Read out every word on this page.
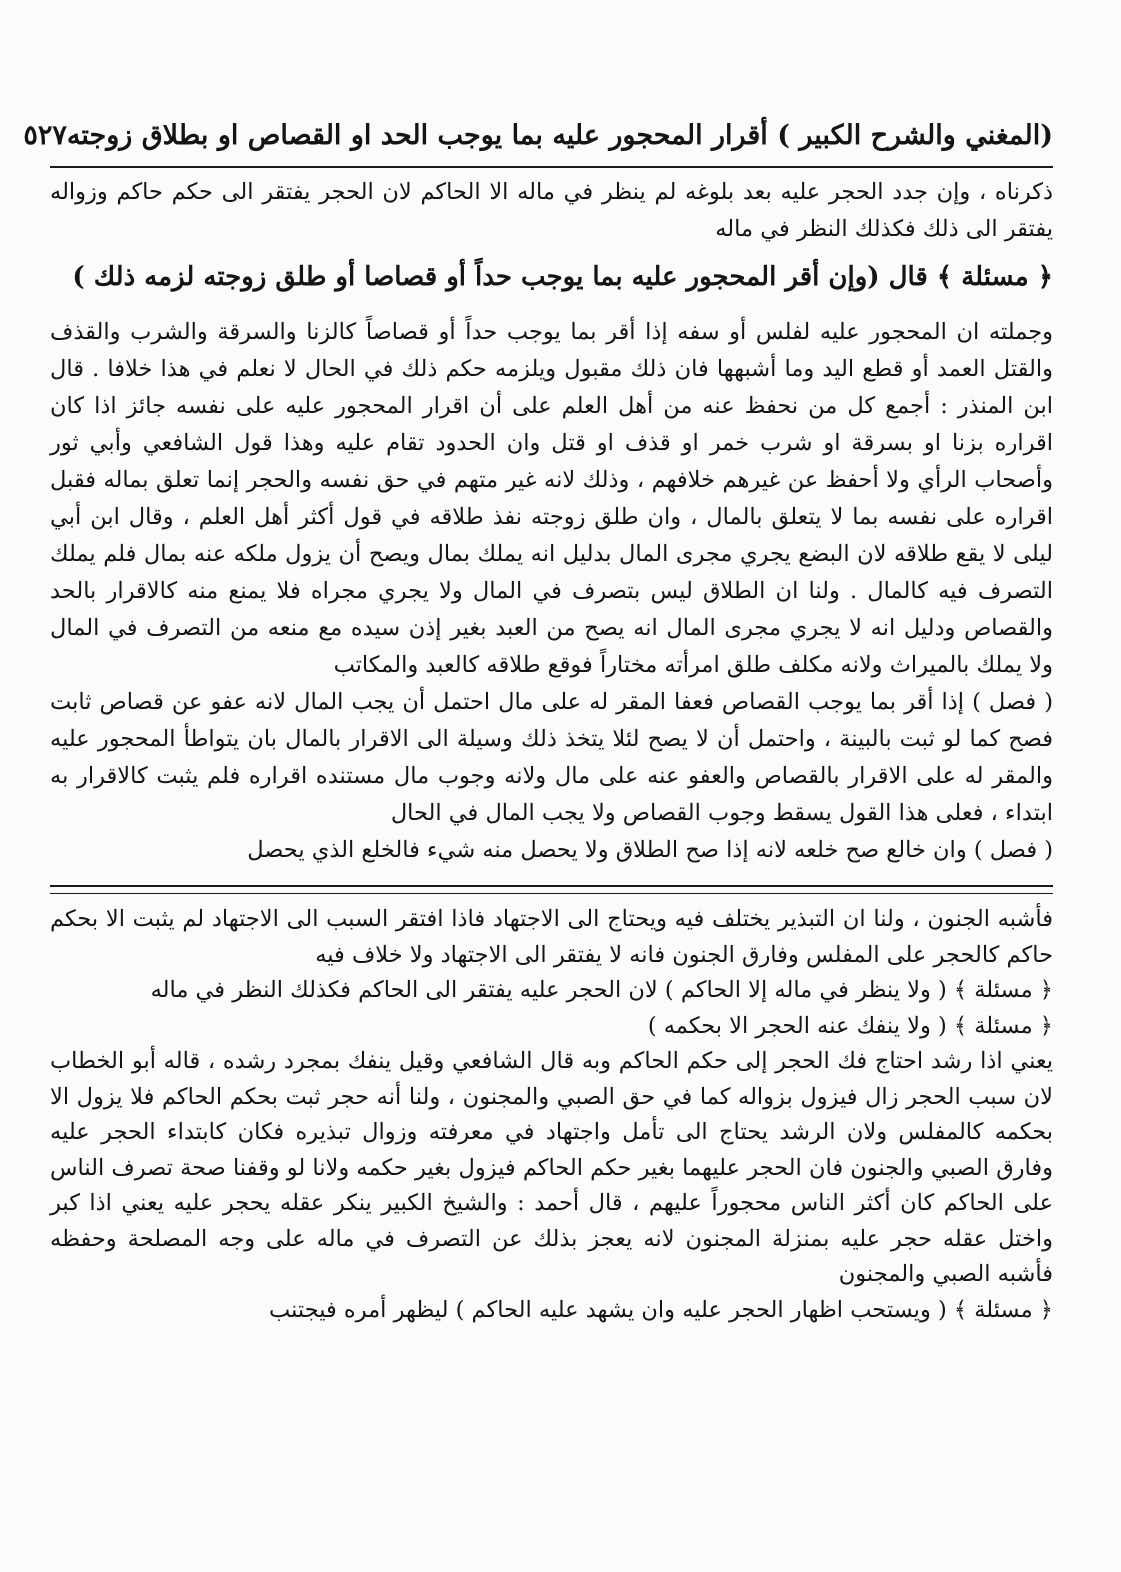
(المغني والشرح الكبير ) أقرار المحجور عليه بما يوجب الحد او القصاص او بطلاق زوجته
٥٢٧

ذكرناه ، وإن جدد الحجر عليه بعد بلوغه لم ينظر في ماله الا الحاكم لان الحجر يفتقر الى حكم حاكم وزواله يفتقر الى ذلك فكذلك النظر في ماله

﴿ مسئلة ﴾ قال (وإن أقر المحجور عليه بما يوجب حداً أو قصاصا أو طلق زوجته لزمه ذلك )

وجملته ان المحجور عليه لفلس أو سفه إذا أقر بما يوجب حداً أو قصاصاً كالزنا والسرقة والشرب والقذف والقتل العمد أو قطع اليد وما أشبهها فان ذلك مقبول ويلزمه حكم ذلك في الحال لا نعلم في هذا خلافا . قال ابن المنذر : أجمع كل من نحفظ عنه من أهل العلم على أن اقرار المحجور عليه على نفسه جائز اذا كان اقراره بزنا او بسرقة او شرب خمر او قذف او قتل وان الحدود تقام عليه وهذا قول الشافعي وأبي ثور وأصحاب الرأي ولا أحفظ عن غيرهم خلافهم ، وذلك لانه غير متهم في حق نفسه والحجر إنما تعلق بماله فقبل اقراره على نفسه بما لا يتعلق بالمال ، وان طلق زوجته نفذ طلاقه في قول أكثر أهل العلم ، وقال ابن أبي ليلى لا يقع طلاقه لان البضع يجري مجرى المال بدليل انه يملك بمال ويصح أن يزول ملكه عنه بمال فلم يملك التصرف فيه كالمال . ولنا ان الطلاق ليس بتصرف في المال ولا يجري مجراه فلا يمنع منه كالاقرار بالحد والقصاص ودليل انه لا يجري مجرى المال انه يصح من العبد بغير إذن سيده مع منعه من التصرف في المال ولا يملك بالميراث ولانه مكلف طلق امرأته مختاراً فوقع طلاقه كالعبد والمكاتب

( فصل ) إذا أقر بما يوجب القصاص فعفا المقر له على مال احتمل أن يجب المال لانه عفو عن قصاص ثابت فصح كما لو ثبت بالبينة ، واحتمل أن لا يصح لئلا يتخذ ذلك وسيلة الى الاقرار بالمال بان يتواطأ المحجور عليه والمقر له على الاقرار بالقصاص والعفو عنه على مال ولانه وجوب مال مستنده اقراره فلم يثبت كالاقرار به ابتداء ، فعلى هذا القول يسقط وجوب القصاص ولا يجب المال في الحال

( فصل ) وان خالع صح خلعه لانه إذا صح الطلاق ولا يحصل منه شيء فالخلع الذي يحصل

فأشبه الجنون ، ولنا ان التبذير يختلف فيه ويحتاج الى الاجتهاد فاذا افتقر السبب الى الاجتهاد لم يثبت الا بحكم حاكم كالحجر على المفلس وفارق الجنون فانه لا يفتقر الى الاجتهاد ولا خلاف فيه

﴿ مسئلة ﴾ ( ولا ينظر في ماله إلا الحاكم ) لان الحجر عليه يفتقر الى الحاكم فكذلك النظر في ماله

﴿ مسئلة ﴾ ( ولا ينفك عنه الحجر الا بحكمه )

يعني اذا رشد احتاج فك الحجر إلى حكم الحاكم وبه قال الشافعي وقيل ينفك بمجرد رشده ، قاله أبو الخطاب لان سبب الحجر زال فيزول بزواله كما في حق الصبي والمجنون ، ولنا أنه حجر ثبت بحكم الحاكم فلا يزول الا بحكمه كالمفلس ولان الرشد يحتاج الى تأمل واجتهاد في معرفته وزوال تبذيره فكان كابتداء الحجر عليه وفارق الصبي والجنون فان الحجر عليهما بغير حكم الحاكم فيزول بغير حكمه ولانا لو وقفنا صحة تصرف الناس على الحاكم كان أكثر الناس محجوراً عليهم ، قال أحمد : والشيخ الكبير ينكر عقله يحجر عليه يعني اذا كبر واختل عقله حجر عليه بمنزلة المجنون لانه يعجز بذلك عن التصرف في ماله على وجه المصلحة وحفظه فأشبه الصبي والمجنون

﴿ مسئلة ﴾ ( ويستحب اظهار الحجر عليه وان يشهد عليه الحاكم ) ليظهر أمره فيجتنب
